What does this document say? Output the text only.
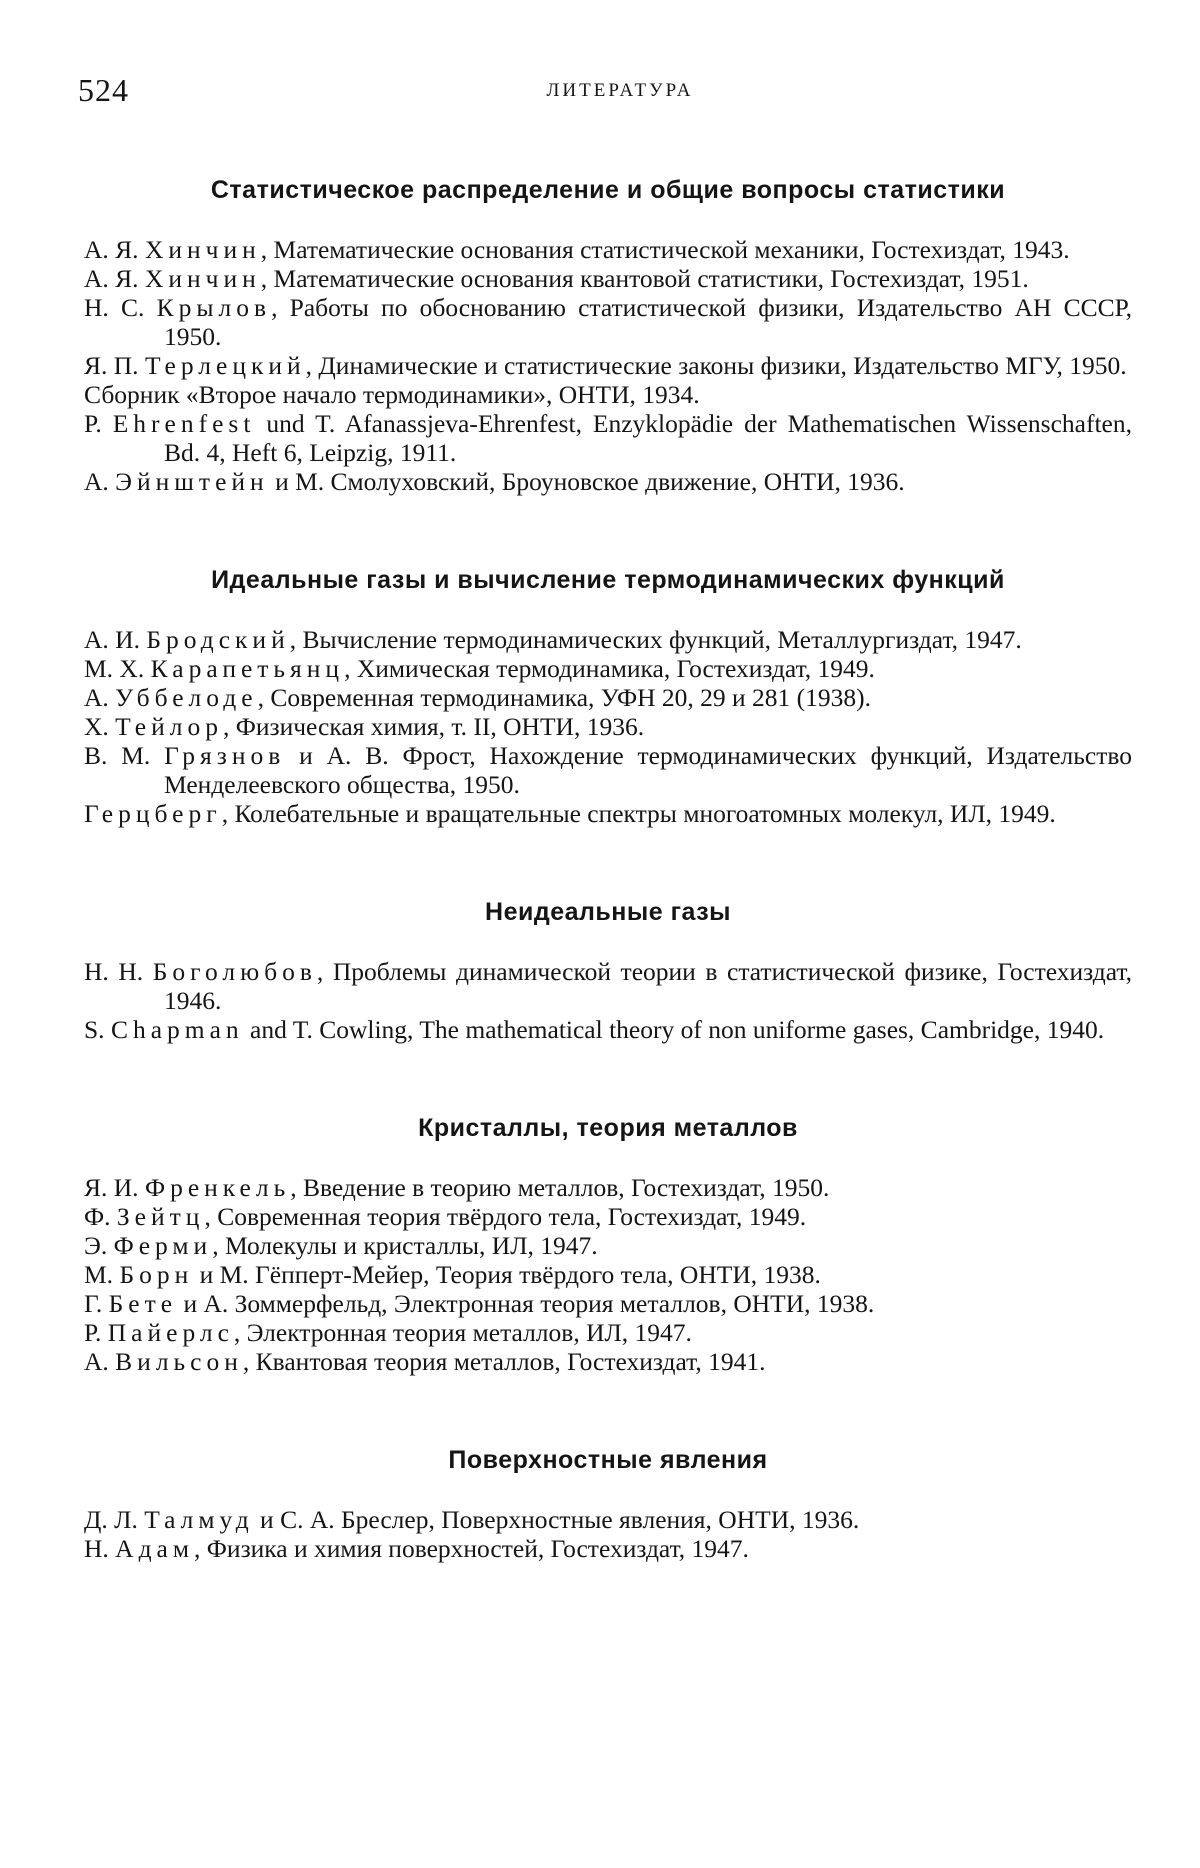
524	ЛИТЕРАТУРА
Статистическое распределение и общие вопросы статистики

А. Я. Хинчин, Математические основания статистической механики, Гостехиздат, 1943.

А. Я. Хинчин, Математические основания квантовой статистики, Гостехиздат, 1951.

Н. С. Крылов, Работы по обоснованию статистической физики, Издательство АН СССР, 1950.

Я. П. Терлецкий, Динамические и статистические законы физики, Издательство МГУ, 1950.

Сборник «Второе начало термодинамики», ОНТИ, 1934.

P. Ehrenfest und T. Afanassjeva-Ehrenfest, Enzyklopädie der Mathematischen Wissenschaften, Bd. 4, Heft 6, Leipzig, 1911.

А. Эйнштейн и М. Смолуховский, Броуновское движение, ОНТИ, 1936.

Идеальные газы и вычисление термодинамических функций

А. И. Бродский, Вычисление термодинамических функций, Металлургиздат, 1947.

М. Х. Карапетьянц, Химическая термодинамика, Гостехиздат, 1949.

А. Уббелоде, Современная термодинамика, УФН 20, 29 и 281 (1938).

Х. Тейлор, Физическая химия, т. II, ОНТИ, 1936.

В. М. Грязнов и А. В. Фрост, Нахождение термодинамических функций, Издательство Менделеевского общества, 1950.

Герцберг, Колебательные и вращательные спектры многоатомных молекул, ИЛ, 1949.

Неидеальные газы

Н. Н. Боголюбов, Проблемы динамической теории в статистической физике, Гостехиздат, 1946.

S. Chapman and T. Cowling, The mathematical theory of non uniforme gases, Cambridge, 1940.

Кристаллы, теория металлов

Я. И. Френкель, Введение в теорию металлов, Гостехиздат, 1950.

Ф. Зейтц, Современная теория твёрдого тела, Гостехиздат, 1949.

Э. Ферми, Молекулы и кристаллы, ИЛ, 1947.

М. Борн и М. Гёпперт-Мейер, Теория твёрдого тела, ОНТИ, 1938.

Г. Бете и А. Зоммерфельд, Электронная теория металлов, ОНТИ, 1938.

Р. Пайерлс, Электронная теория металлов, ИЛ, 1947.

А. Вильсон, Квантовая теория металлов, Гостехиздат, 1941.

Поверхностные явления

Д. Л. Талмуд и С. А. Бреслер, Поверхностные явления, ОНТИ, 1936.

Н. Адам, Физика и химия поверхностей, Гостехиздат, 1947.
